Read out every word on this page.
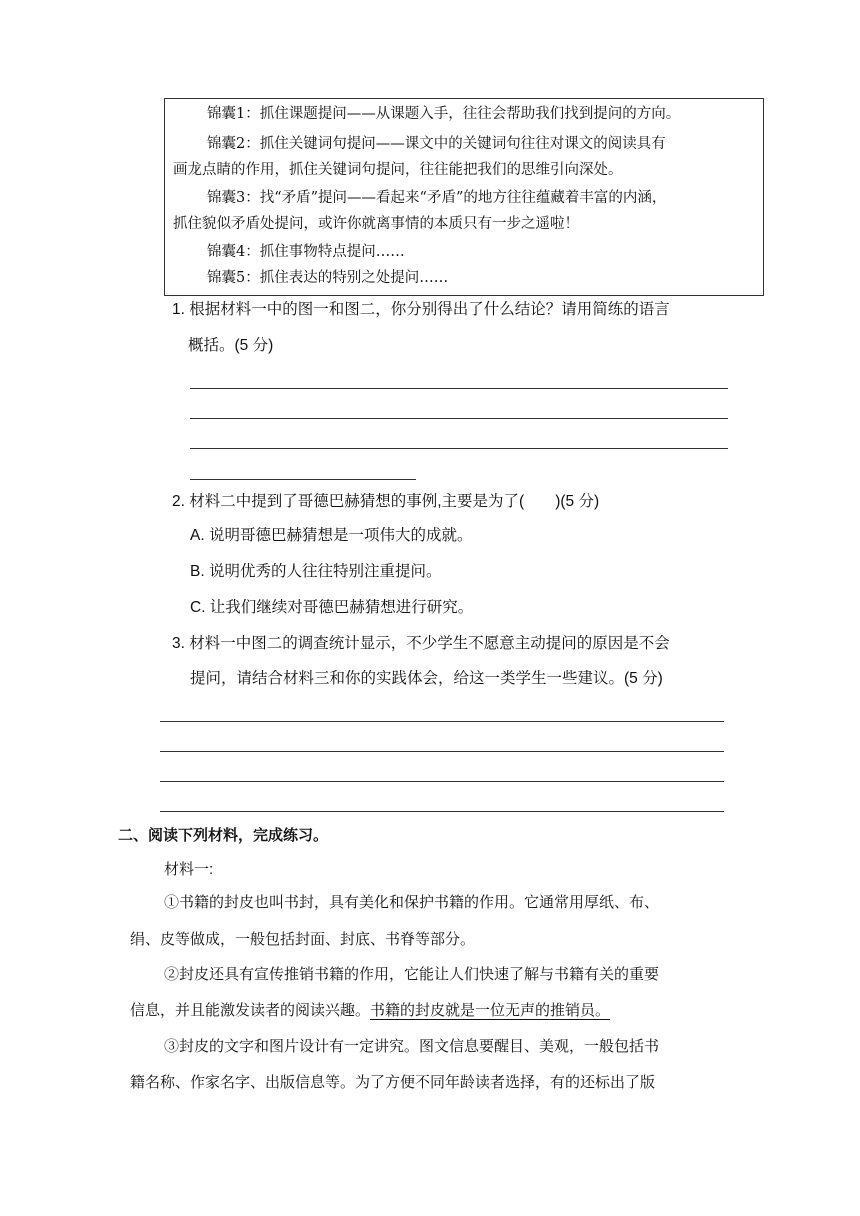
锦囊1：抓住课题提问——从课题入手，往往会帮助我们找到提问的方向。
锦囊2：抓住关键词句提问——课文中的关键词句往往对课文的阅读具有
画龙点睛的作用，抓住关键词句提问，往往能把我们的思维引向深处。
锦囊3：找“矛盾”提问——看起来“矛盾”的地方往往蕴藏着丰富的内涵，
抓住貌似矛盾处提问，或许你就离事情的本质只有一步之遥啦！
锦囊4：抓住事物特点提问……
锦囊5：抓住表达的特别之处提问……
1. 根据材料一中的图一和图二，你分别得出了什么结论？请用简练的语言
概括。(5 分)
2. 材料二中提到了哥德巴赫猜想的事例,主要是为了(　　)(5 分)
A. 说明哥德巴赫猜想是一项伟大的成就。
B. 说明优秀的人往往特别注重提问。
C. 让我们继续对哥德巴赫猜想进行研究。
3. 材料一中图二的调查统计显示，不少学生不愿意主动提问的原因是不会
提问，请结合材料三和你的实践体会，给这一类学生一些建议。(5 分)
二、阅读下列材料，完成练习。
材料一:
①书籍的封皮也叫书封，具有美化和保护书籍的作用。它通常用厚纸、布、
绢、皮等做成，一般包括封面、封底、书脊等部分。
②封皮还具有宣传推销书籍的作用，它能让人们快速了解与书籍有关的重要
信息，并且能激发读者的阅读兴趣。书籍的封皮就是一位无声的推销员。
③封皮的文字和图片设计有一定讲究。图文信息要醒目、美观，一般包括书
籍名称、作家名字、出版信息等。为了方便不同年龄读者选择，有的还标出了版
